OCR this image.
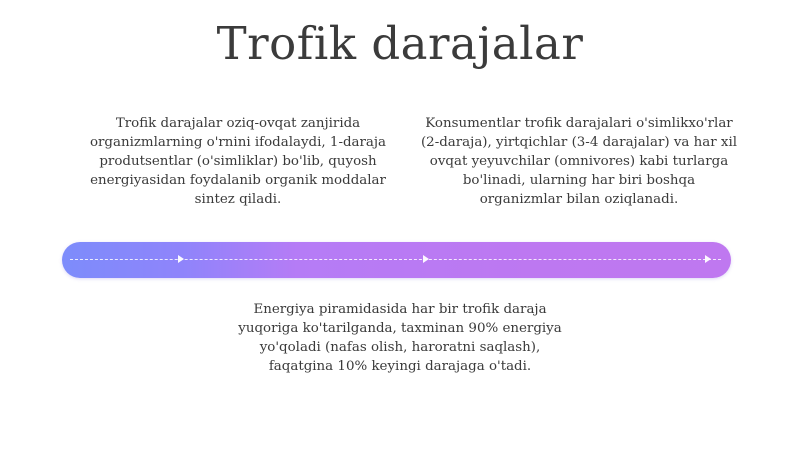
Trofik darajalar
Trofik darajalar oziq-ovqat zanjirida organizmlarning o'rnini ifodalaydi, 1-daraja produtsentlar (o'simliklar) bo'lib, quyosh energiyasidan foydalanib organik moddalar sintez qiladi.
Konsumentlar trofik darajalari o'simlikxo'rlar (2-daraja), yirtqichlar (3-4 darajalar) va har xil ovqat yeyuvchilar (omnivores) kabi turlarga bo'linadi, ularning har biri boshqa organizmlar bilan oziqlanadi.
Energiya piramidasida har bir trofik daraja yuqoriga ko'tarilganda, taxminan 90% energiya yo'qoladi (nafas olish, haroratni saqlash), faqatgina 10% keyingi darajaga o'tadi.
